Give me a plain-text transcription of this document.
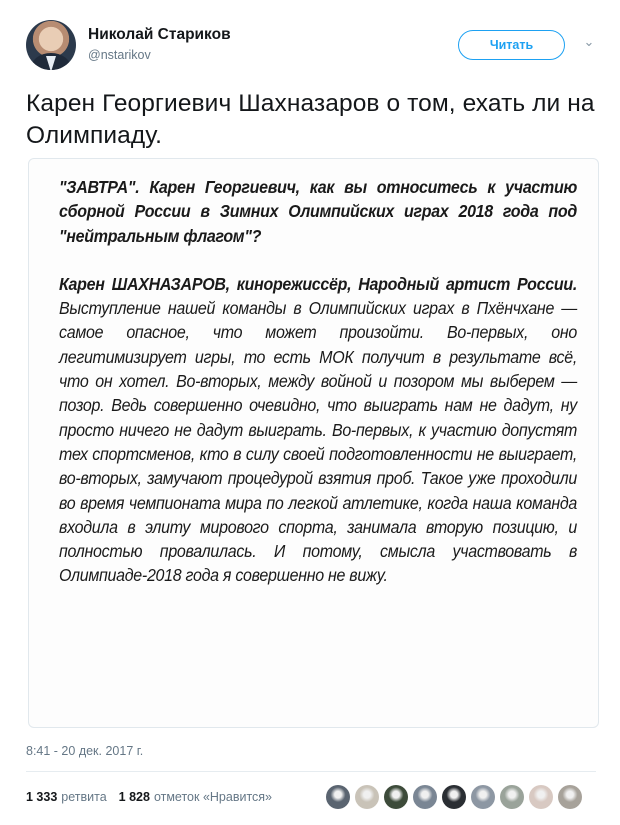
Николай Стариков
@nstarikov
Читать	⌄
Карен Георгиевич Шахназаров о том, ехать ли на Олимпиаду.

"ЗАВТРА". Карен Георгиевич, как вы относитесь к участию сборной России в Зимних Олимпийских играх 2018 года под "нейтральным флагом"?

Карен ШАХНАЗАРОВ, кинорежиссёр, Народный артист России. Выступление нашей команды в Олимпийских играх в Пхёнчхане — самое опасное, что может произойти. Во-первых, оно легитимизирует игры, то есть МОК получит в результате всё, что он хотел. Во-вторых, между войной и позором мы выберем — позор. Ведь совершенно очевидно, что выиграть нам не дадут, ну просто ничего не дадут выиграть. Во-первых, к участию допустят тех спортсменов, кто в силу своей подготовленности не выиграет, во-вторых, замучают процедурой взятия проб. Такое уже проходили во время чемпионата мира по легкой атлетике, когда наша команда входила в элиту мирового спорта, занимала вторую позицию, и полностью провалилась. И потому, смысла участвовать в Олимпиаде-2018 года я совершенно не вижу.

8:41 - 20 дек. 2017 г.
1 333 ретвита 1 828 отметок «Нравится»
